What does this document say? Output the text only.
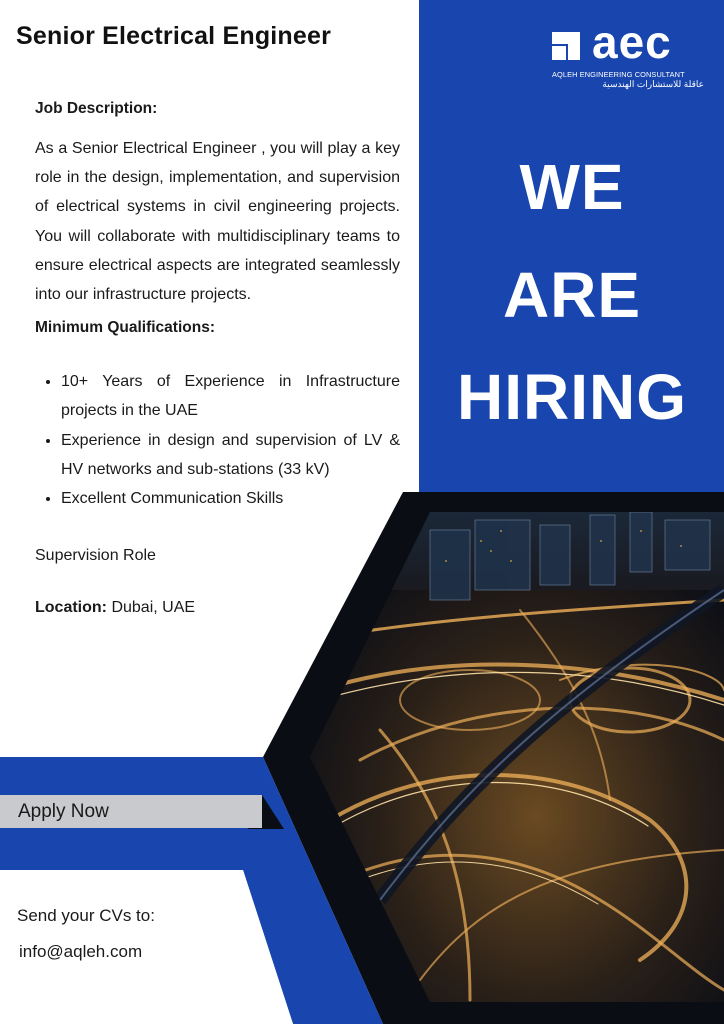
Senior Electrical Engineer	aec
AQLEH ENGINEERING CONSULTANT
عاقلة للاستشارات الهندسية
WE
ARE
HIRING
Job Description:
As a Senior Electrical Engineer , you will play a key role in the design, implementation, and supervision of electrical systems in civil engineering projects. You will collaborate with multidisciplinary teams to ensure electrical aspects are integrated seamlessly into our infrastructure projects.
Minimum Qualifications:
10+ Years of Experience in Infrastructure projects in the UAE
Experience in design and supervision of LV & HV networks and sub-stations (33 kV)
Excellent Communication Skills
Supervision Role
Location: Dubai, UAE
Apply Now
Send your CVs to:
info@aqleh.com
